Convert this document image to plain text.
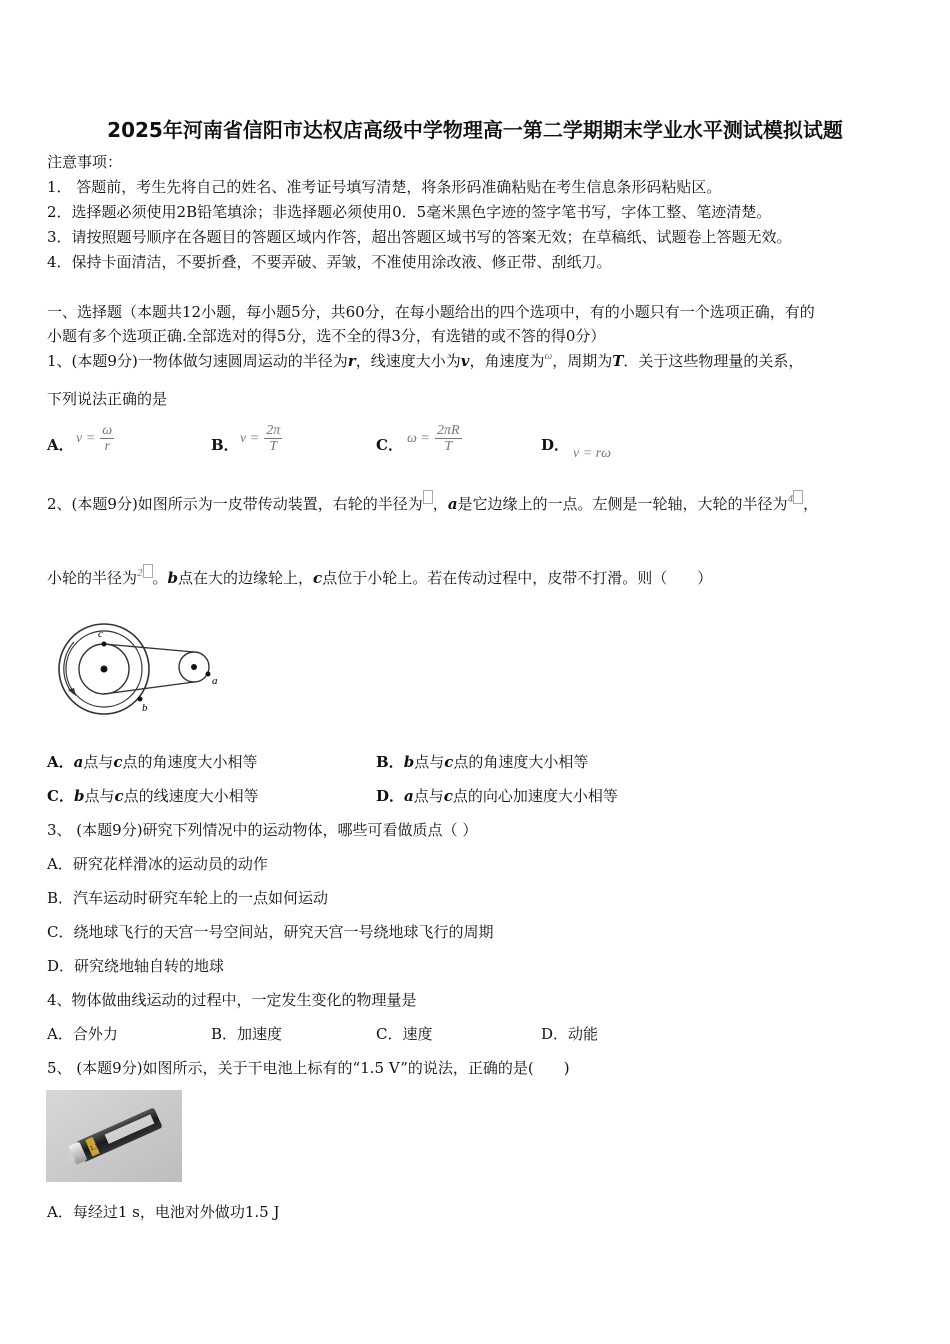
2025年河南省信阳市达权店高级中学物理高一第二学期期末学业水平测试模拟试题
注意事项：
1． 答题前，考生先将自己的姓名、准考证号填写清楚，将条形码准确粘贴在考生信息条形码粘贴区。
2．选择题必须使用2B铅笔填涂；非选择题必须使用0．5毫米黑色字迹的签字笔书写，字体工整、笔迹清楚。
3．请按照题号顺序在各题目的答题区域内作答，超出答题区域书写的答案无效；在草稿纸、试题卷上答题无效。
4．保持卡面清洁，不要折叠，不要弄破、弄皱，不准使用涂改液、修正带、刮纸刀。
一、选择题（本题共12小题，每小题5分，共60分，在每小题给出的四个选项中，有的小题只有一个选项正确，有的
小题有多个选项正确.全部选对的得5分，选不全的得3分，有选错的或不答的得0分）
1、(本题9分)一物体做匀速圆周运动的半径为r，线速度大小为v，角速度为ω，周期为T．关于这些物理量的关系，
下列说法正确的是
A． $v = \frac{\omega}{r}$	B． $v = \frac{2\pi}{T}$	C． $\omega = \frac{2\pi R}{T}$	D． v = rω
2、(本题9分)如图所示为一皮带传动装置，右轮的半径为 ，a是它边缘上的一点。左侧是一轮轴，大轮的半径为4 ，
小轮的半径为2 。b点在大的边缘轮上，c点位于小轮上。若在传动过程中，皮带不打滑。则（　　）
c
b
a
A．a点与c点的角速度大小相等	B．b点与c点的角速度大小相等
C．b点与c点的线速度大小相等	D．a点与c点的向心加速度大小相等
3、 (本题9分)研究下列情况中的运动物体，哪些可看做质点（ ）
A．研究花样滑冰的运动员的动作
B．汽车运动时研究车轮上的一点如何运动
C．绕地球飞行的天宫一号空间站，研究天宫一号绕地球飞行的周期
D．研究绕地轴自转的地球
4、物体做曲线运动的过程中，一定发生变化的物理量是
A．合外力	B．加速度	C．速度	D．动能
5、 (本题9分)如图所示，关于干电池上标有的“1.5 V”的说法，正确的是(　　)
1.5V
A．每经过1 s，电池对外做功1.5 J
